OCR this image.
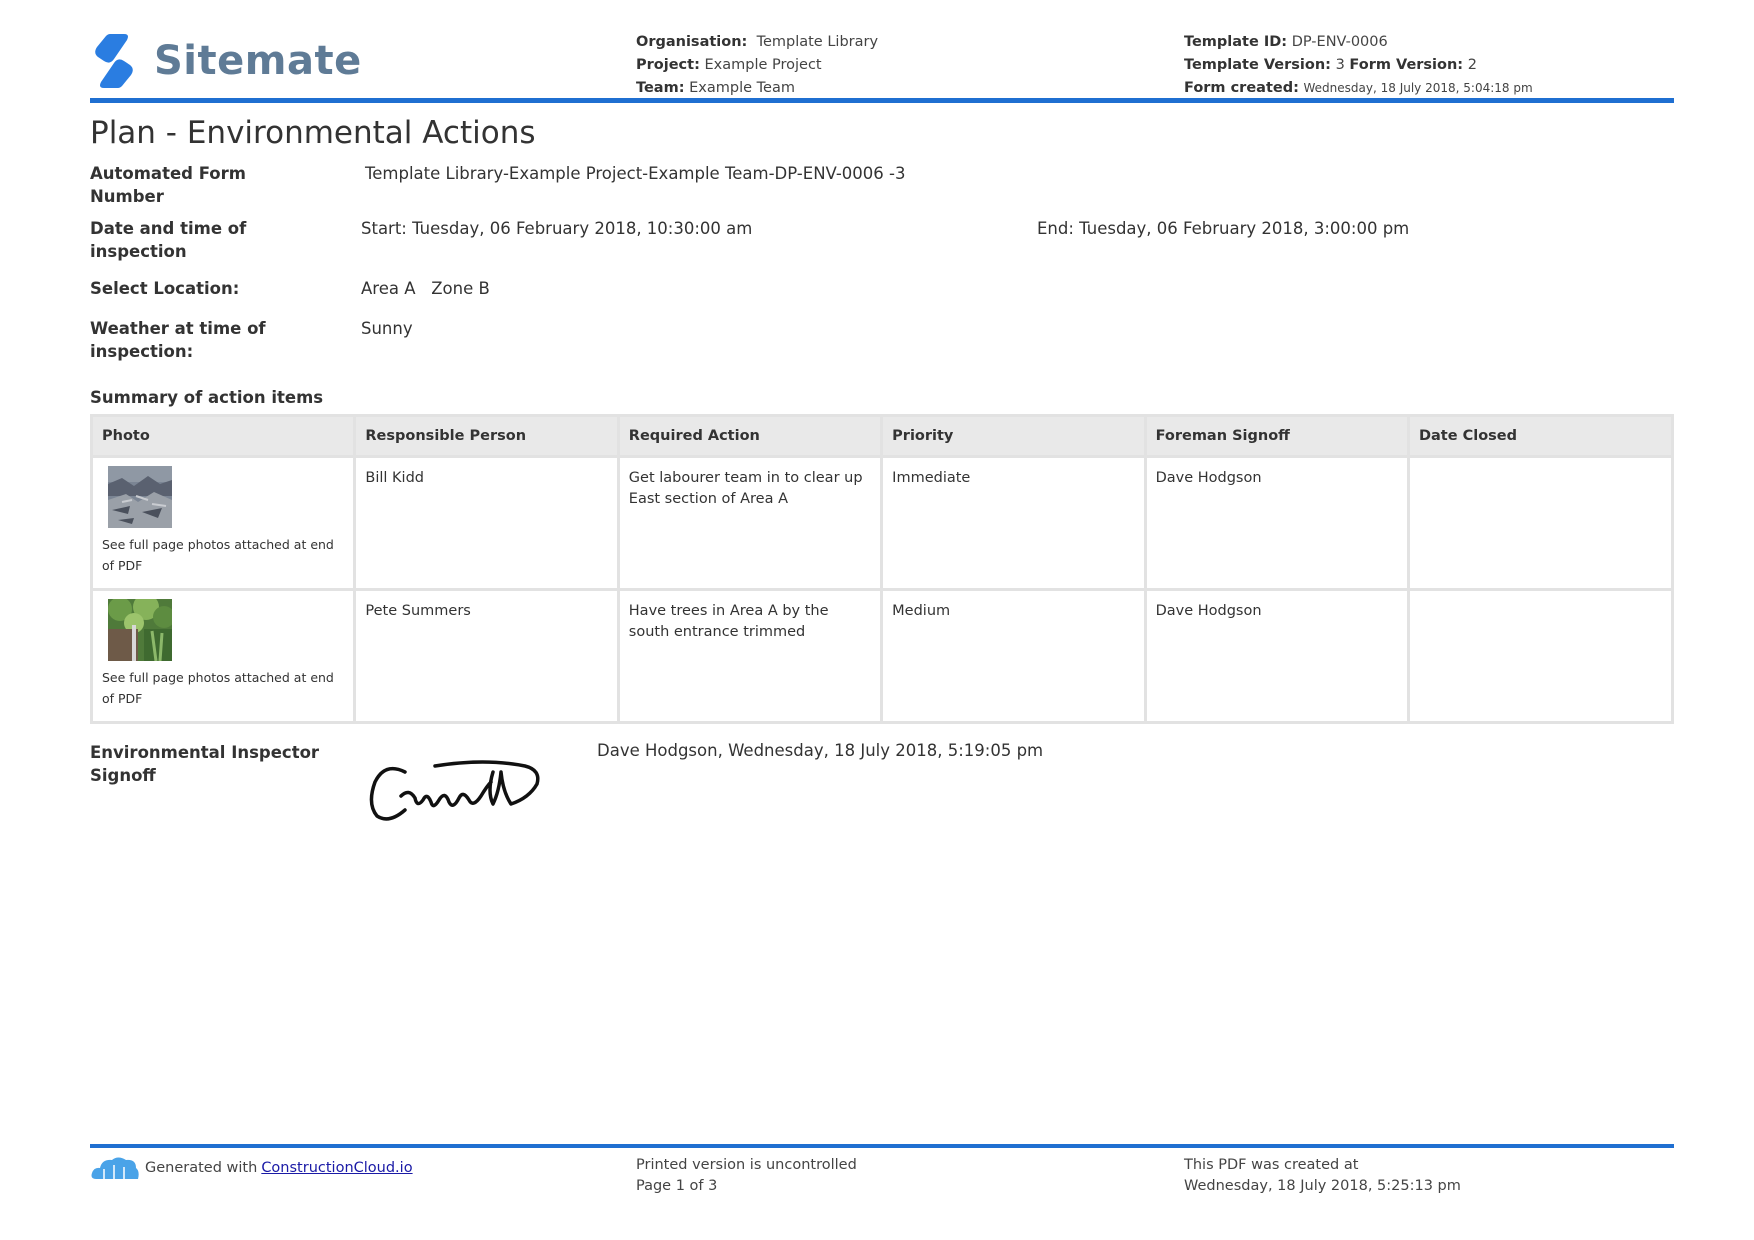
Sitemate	Organisation: Template Library
Project: Example Project
Team: Example Team
Template ID: DP-ENV-0006
Template Version: 3 Form Version: 2
Form created: Wednesday, 18 July 2018, 5:04:18 pm
Plan - Environmental Actions
Automated Form Number
Template Library-Example Project-Example Team-DP-ENV-0006 -3
Date and time of inspection
Start: Tuesday, 06 February 2018, 10:30:00 am	End: Tuesday, 06 February 2018, 3:00:00 pm
Select Location:	Area A   Zone B
Weather at time of inspection:
Sunny
Summary of action items
Photo	Responsible Person	Required Action	Priority	Foreman Signoff	Date Closed

See full page photos attached at end of PDF	Bill Kidd	Get labourer team in to clear up East section of Area A	Immediate	Dave Hodgson	

See full page photos attached at end of PDF	Pete Summers	Have trees in Area A by the south entrance trimmed	Medium	Dave Hodgson	
Environmental Inspector Signoff
Dave Hodgson, Wednesday, 18 July 2018, 5:19:05 pm
Generated with ConstructionCloud.io	Printed version is uncontrolled
Page 1 of 3
This PDF was created at
Wednesday, 18 July 2018, 5:25:13 pm
